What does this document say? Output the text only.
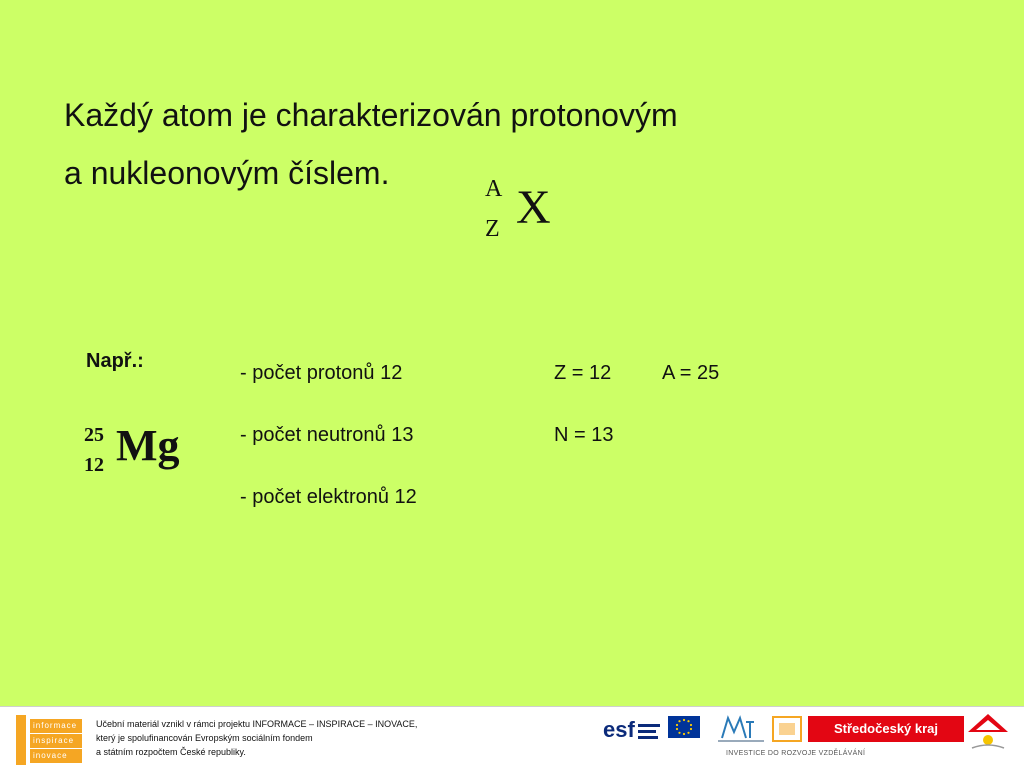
Každý atom je charakterizován protonovým
a nukleonovým číslem.	A
Z X
Např.:
25
12 Mg
- počet protonů 12	Z = 12	A = 25
- počet neutronů 13	N = 13
- počet elektronů 12
informace
inspirace
inovace
Učební materiál vznikl v rámci projektu INFORMACE – INSPIRACE – INOVACE,
který je spolufinancován Evropským sociálním fondem
a státním rozpočtem České republiky.
esf	Středočeský kraj
INVESTICE DO ROZVOJE VZDĚLÁVÁNÍ
